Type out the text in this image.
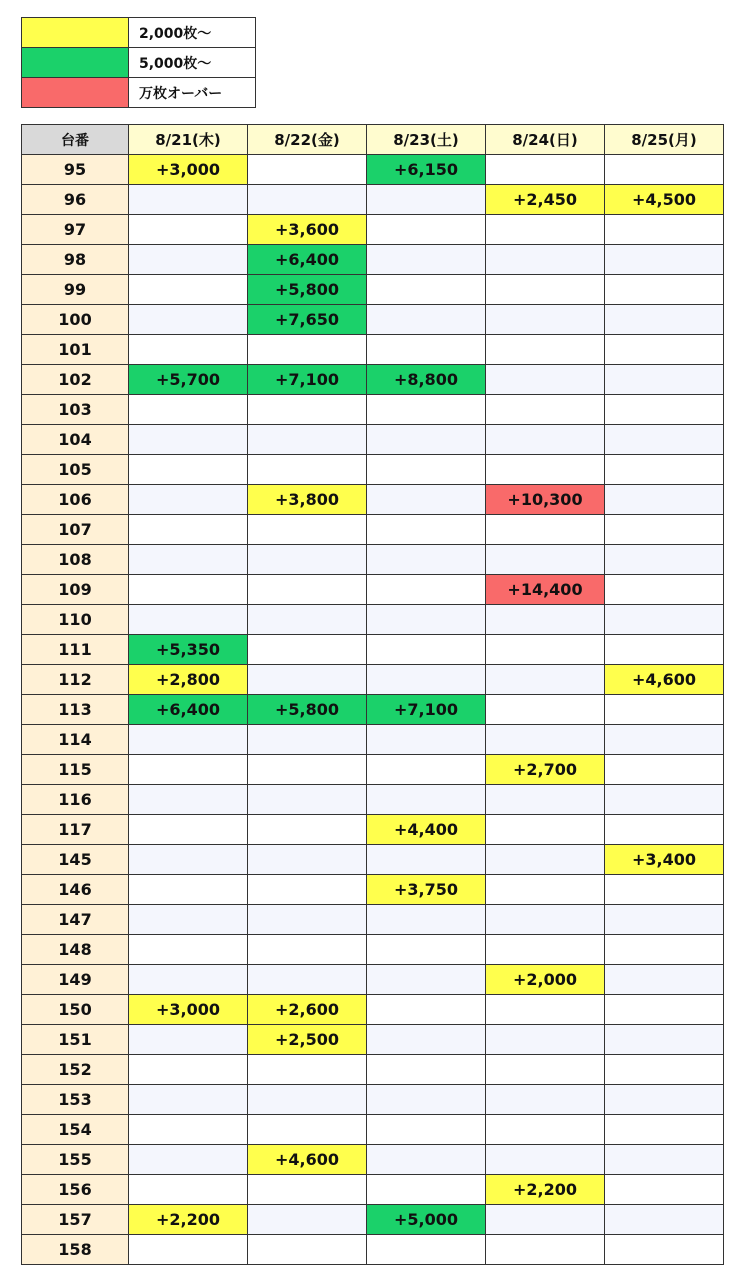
	2,000枚〜
	5,000枚〜
	万枚オーバー
台番	8/21(木)	8/22(金)	8/23(土)	8/24(日)	8/25(月)
95	+3,000		+6,150		
96				+2,450	+4,500
97		+3,600			
98		+6,400			
99		+5,800			
100		+7,650			
101					
102	+5,700	+7,100	+8,800		
103					
104					
105					
106		+3,800		+10,300	
107					
108					
109				+14,400	
110					
111	+5,350				
112	+2,800				+4,600
113	+6,400	+5,800	+7,100		
114					
115				+2,700	
116					
117			+4,400		
145					+3,400
146			+3,750		
147					
148					
149				+2,000	
150	+3,000	+2,600			
151		+2,500			
152					
153					
154					
155		+4,600			
156				+2,200	
157	+2,200		+5,000		
158					
